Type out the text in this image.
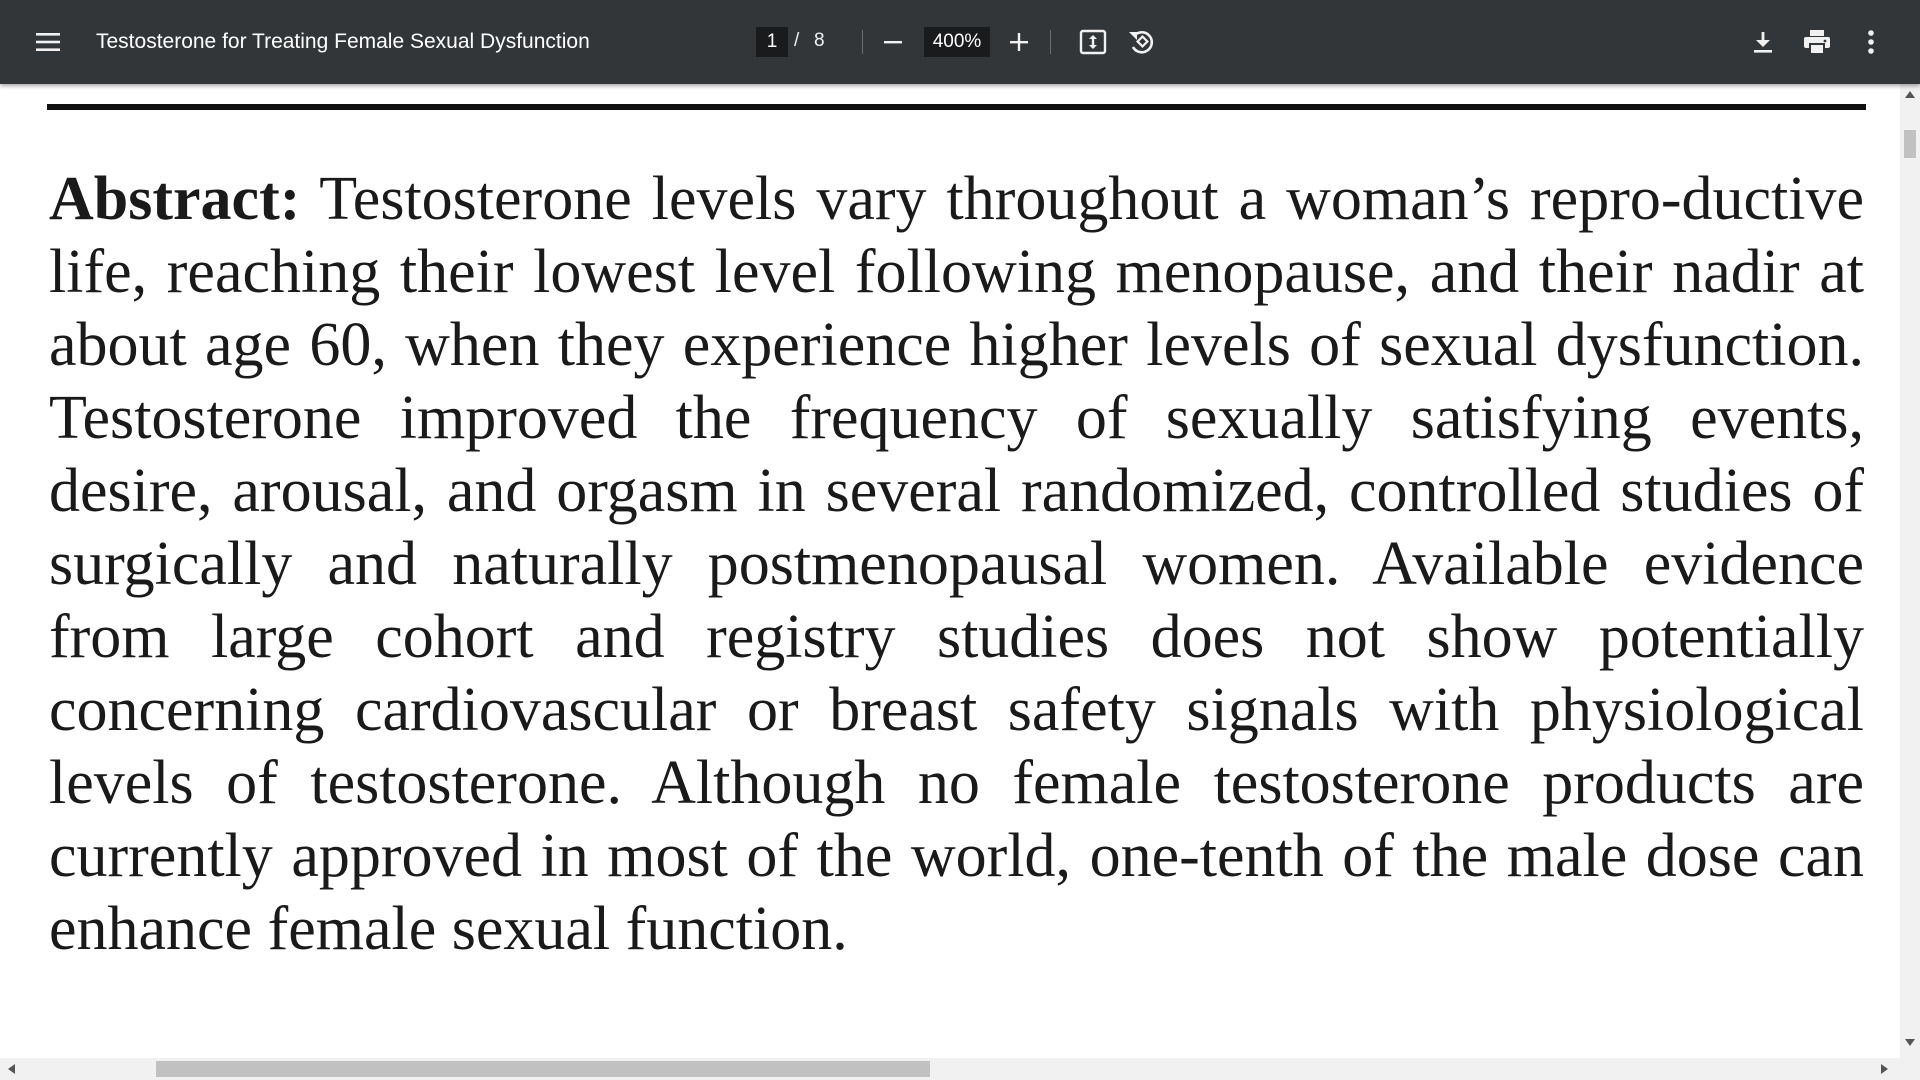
Testosterone for Treating Female Sexual Dysfunction
1	/ 8
400%

Abstract: Testosterone levels vary throughout a woman’s repro-ductive life, reaching their lowest level following menopause, and their nadir at about age 60, when they experience higher levels of sexual dysfunction. Testosterone improved the frequency of sexually satisfying events, desire, arousal, and orgasm in several randomized, controlled studies of surgically and naturally postmenopausal women. Available evidence from large cohort and registry studies does not show potentially concerning cardiovascular or breast safety signals with physiological levels of testosterone. Although no female testosterone products are currently approved in most of the world, one-tenth of the male dose can enhance female sexual function.
